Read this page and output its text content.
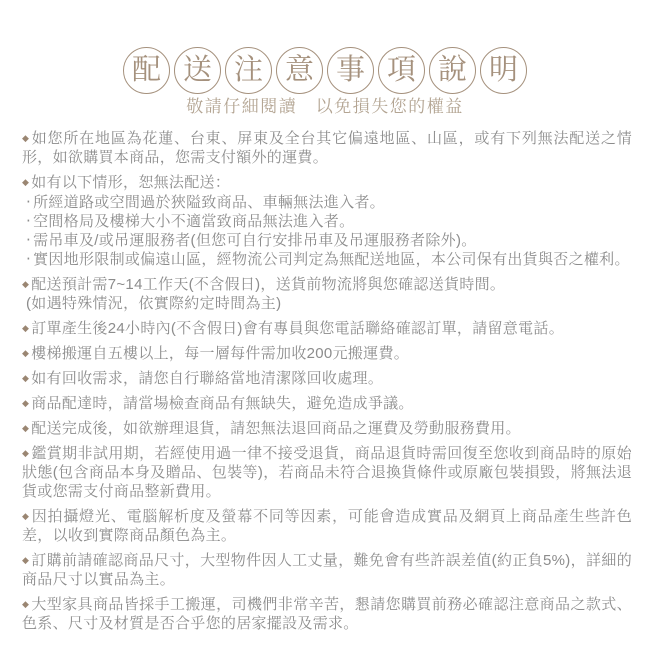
配 送 注 意 事 項 說 明
敬請仔細閱讀　以免損失您的權益
◆ 如您所在地區為花蓮、台東、屏東及全台其它偏遠地區、山區，或有下列無法配送之情形，如欲購買本商品，您需支付額外的運費。
◆ 如有以下情形，恕無法配送：
‧ 所經道路或空間過於狹隘致商品、車輛無法進入者。
‧ 空間格局及樓梯大小不適當致商品無法進入者。
‧ 需吊車及/或吊運服務者(但您可自行安排吊車及吊運服務者除外)。
‧ 實因地形限制或偏遠山區，經物流公司判定為無配送地區，本公司保有出貨與否之權利。
◆ 配送預計需7~14工作天(不含假日)，送貨前物流將與您確認送貨時間。
(如遇特殊情況，依實際約定時間為主)
◆ 訂單產生後24小時內(不含假日)會有專員與您電話聯絡確認訂單，請留意電話。
◆ 樓梯搬運自五樓以上，每一層每件需加收200元搬運費。
◆ 如有回收需求，請您自行聯絡當地清潔隊回收處理。
◆ 商品配達時，請當場檢查商品有無缺失，避免造成爭議。
◆ 配送完成後，如欲辦理退貨，請恕無法退回商品之運費及勞動服務費用。
◆ 鑑賞期非試用期，若經使用過一律不接受退貨，商品退貨時需回復至您收到商品時的原始狀態(包含商品本身及贈品、包裝等)，若商品未符合退換貨條件或原廠包裝損毀，將無法退貨或您需支付商品整新費用。
◆ 因拍攝燈光、電腦解析度及螢幕不同等因素，可能會造成實品及網頁上商品產生些許色差，以收到實際商品顏色為主。
◆ 訂購前請確認商品尺寸，大型物件因人工丈量，難免會有些許誤差值(約正負5%)，詳細的商品尺寸以實品為主。
◆ 大型家具商品皆採手工搬運，司機們非常辛苦，懇請您購買前務必確認注意商品之款式、色系、尺寸及材質是否合乎您的居家擺設及需求。
